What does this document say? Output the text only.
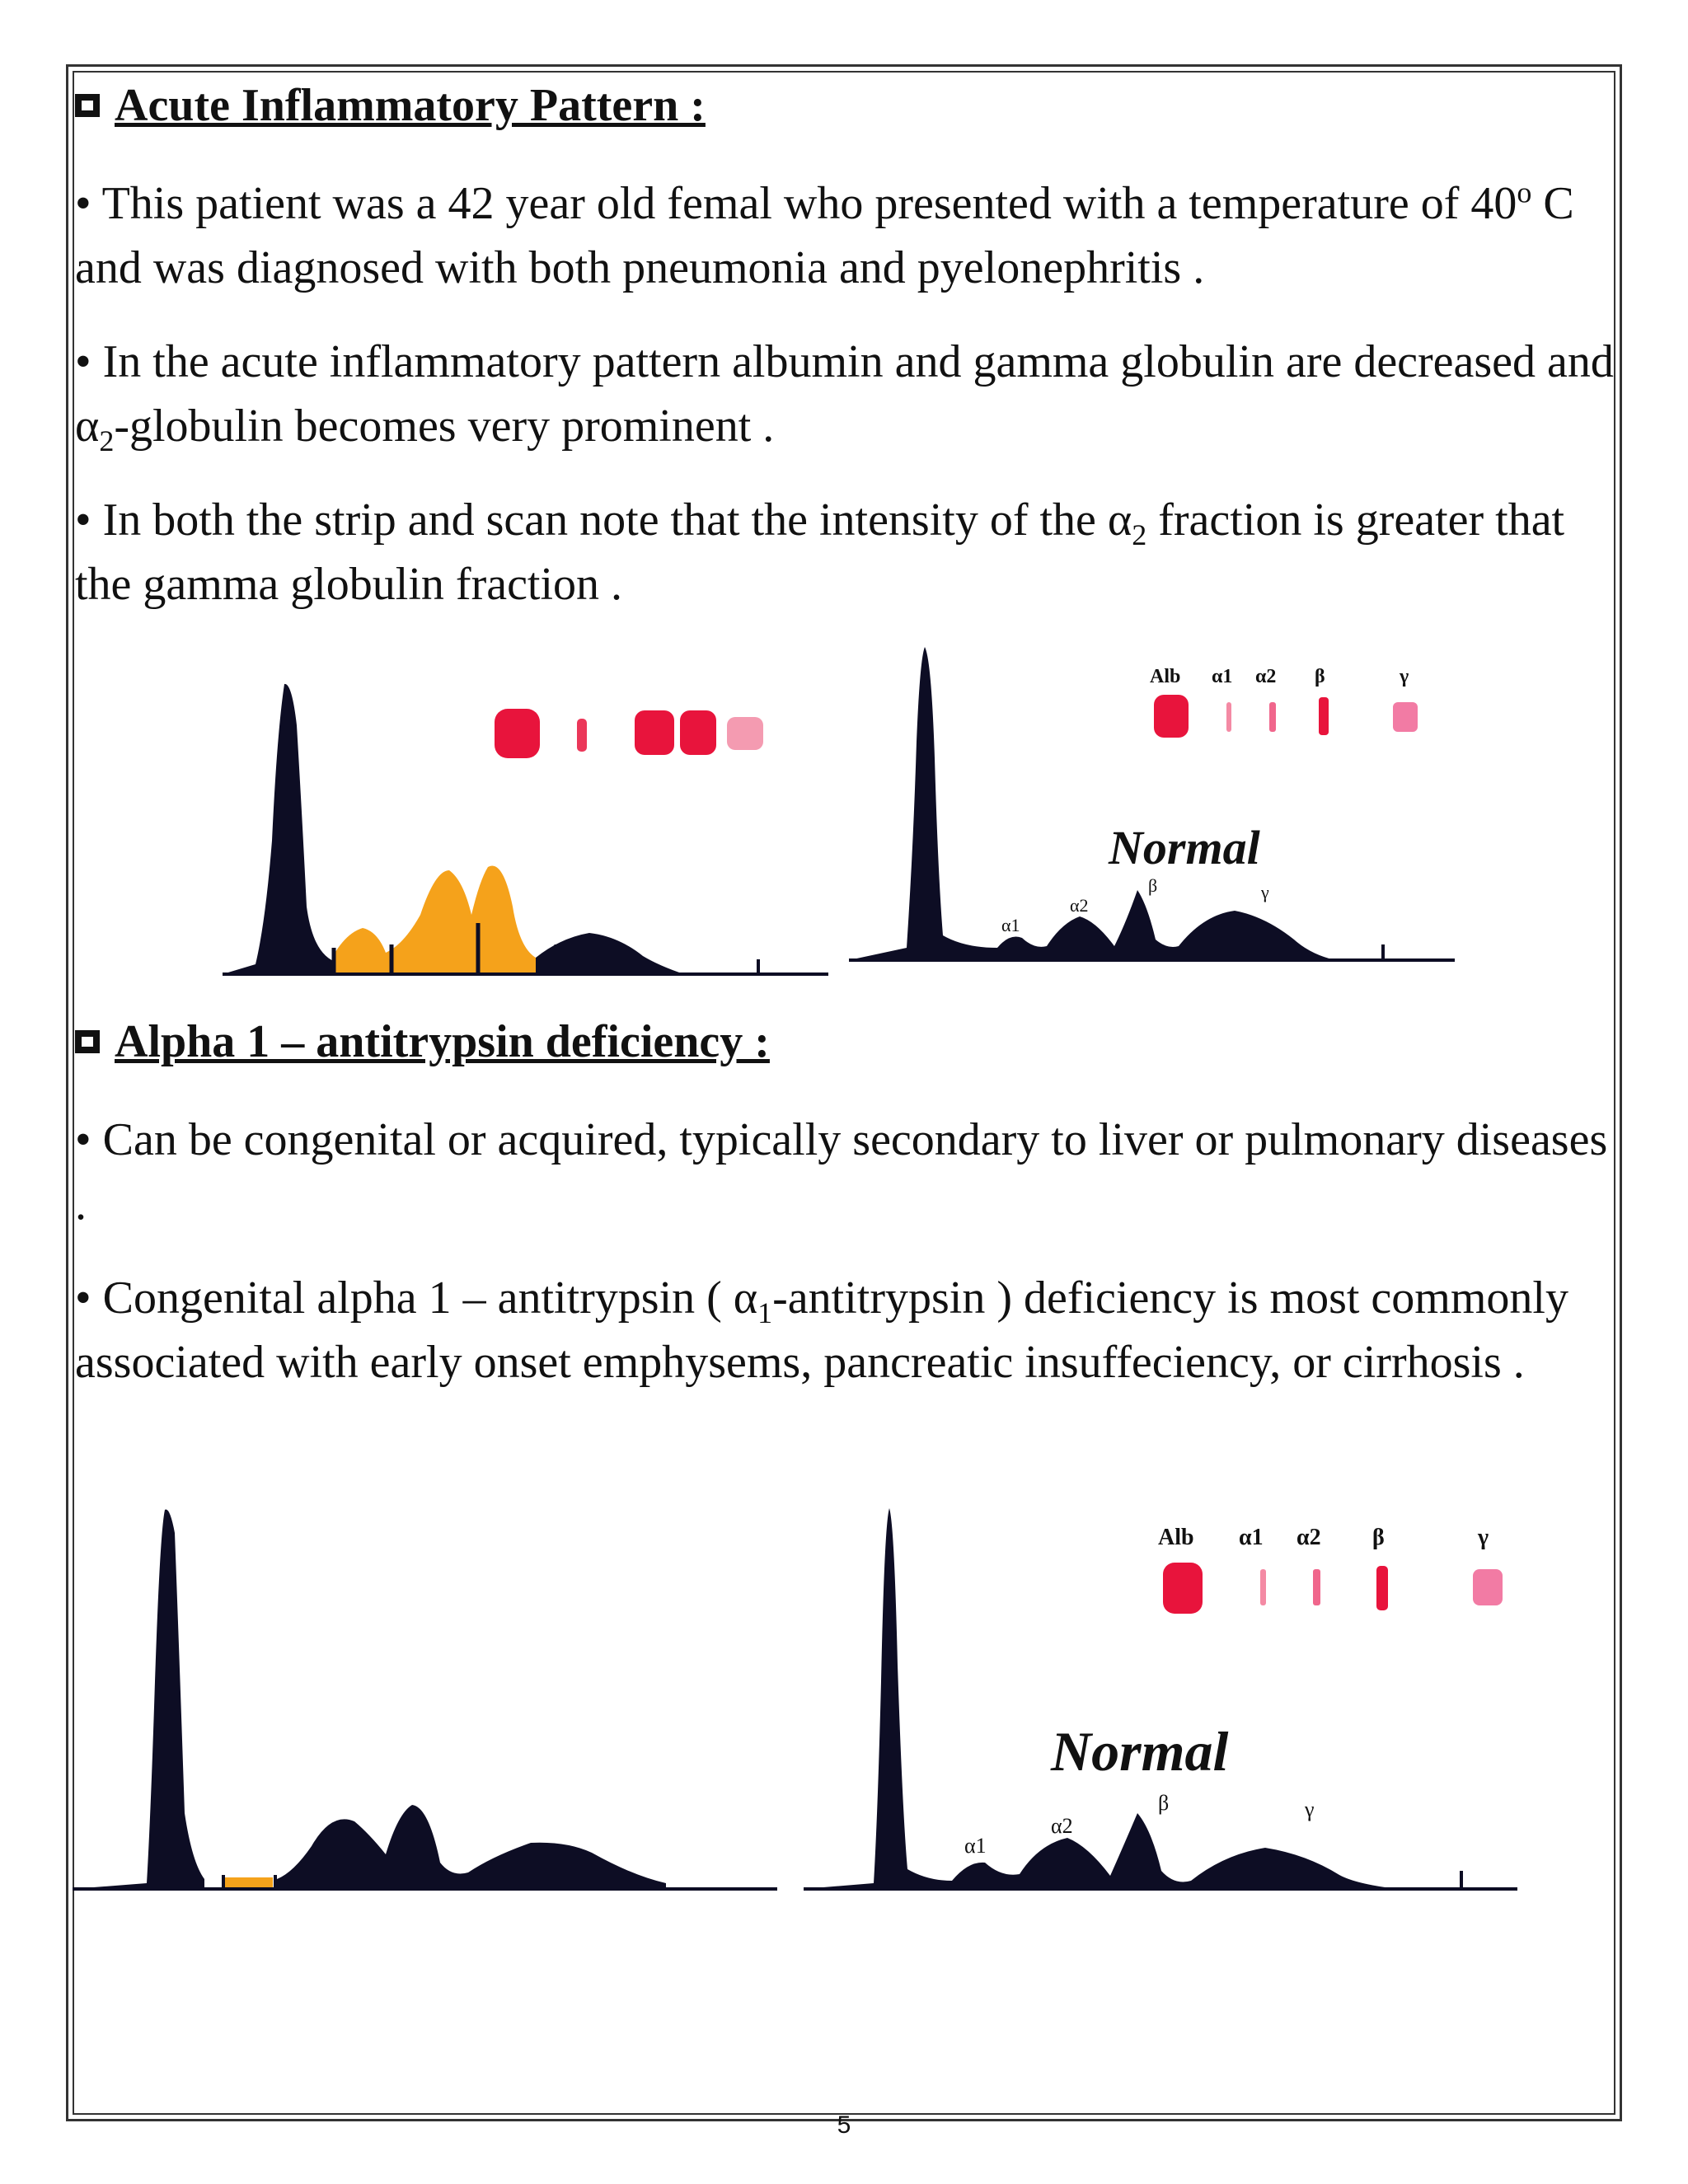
Acute Inflammatory Pattern :
• This patient was a 42 year old femal who presented with a temperature of 40$^o$ C and was diagnosed with both pneumonia and pyelonephritis .
• In the acute inflammatory pattern albumin and gamma globulin are decreased and $\alpha_2$-globulin becomes very prominent .
• In both the strip and scan note that the intensity of the $\alpha_2$ fraction is greater that the gamma globulin fraction .
Alpha 1 – antitrypsin deficiency :
• Can be congenital or acquired, typically secondary to liver or pulmonary diseases .
• Congenital alpha 1 – antitrypsin ( $\alpha_1$-antitrypsin ) deficiency is most commonly associated with early onset emphysems, pancreatic insuffeciency, or cirrhosis .
Normal
α1
α2
β	γ
Alb α1 α2 β	γ
Normal
α1
α2
β	γ
Alb α1 α2 β	γ
5
